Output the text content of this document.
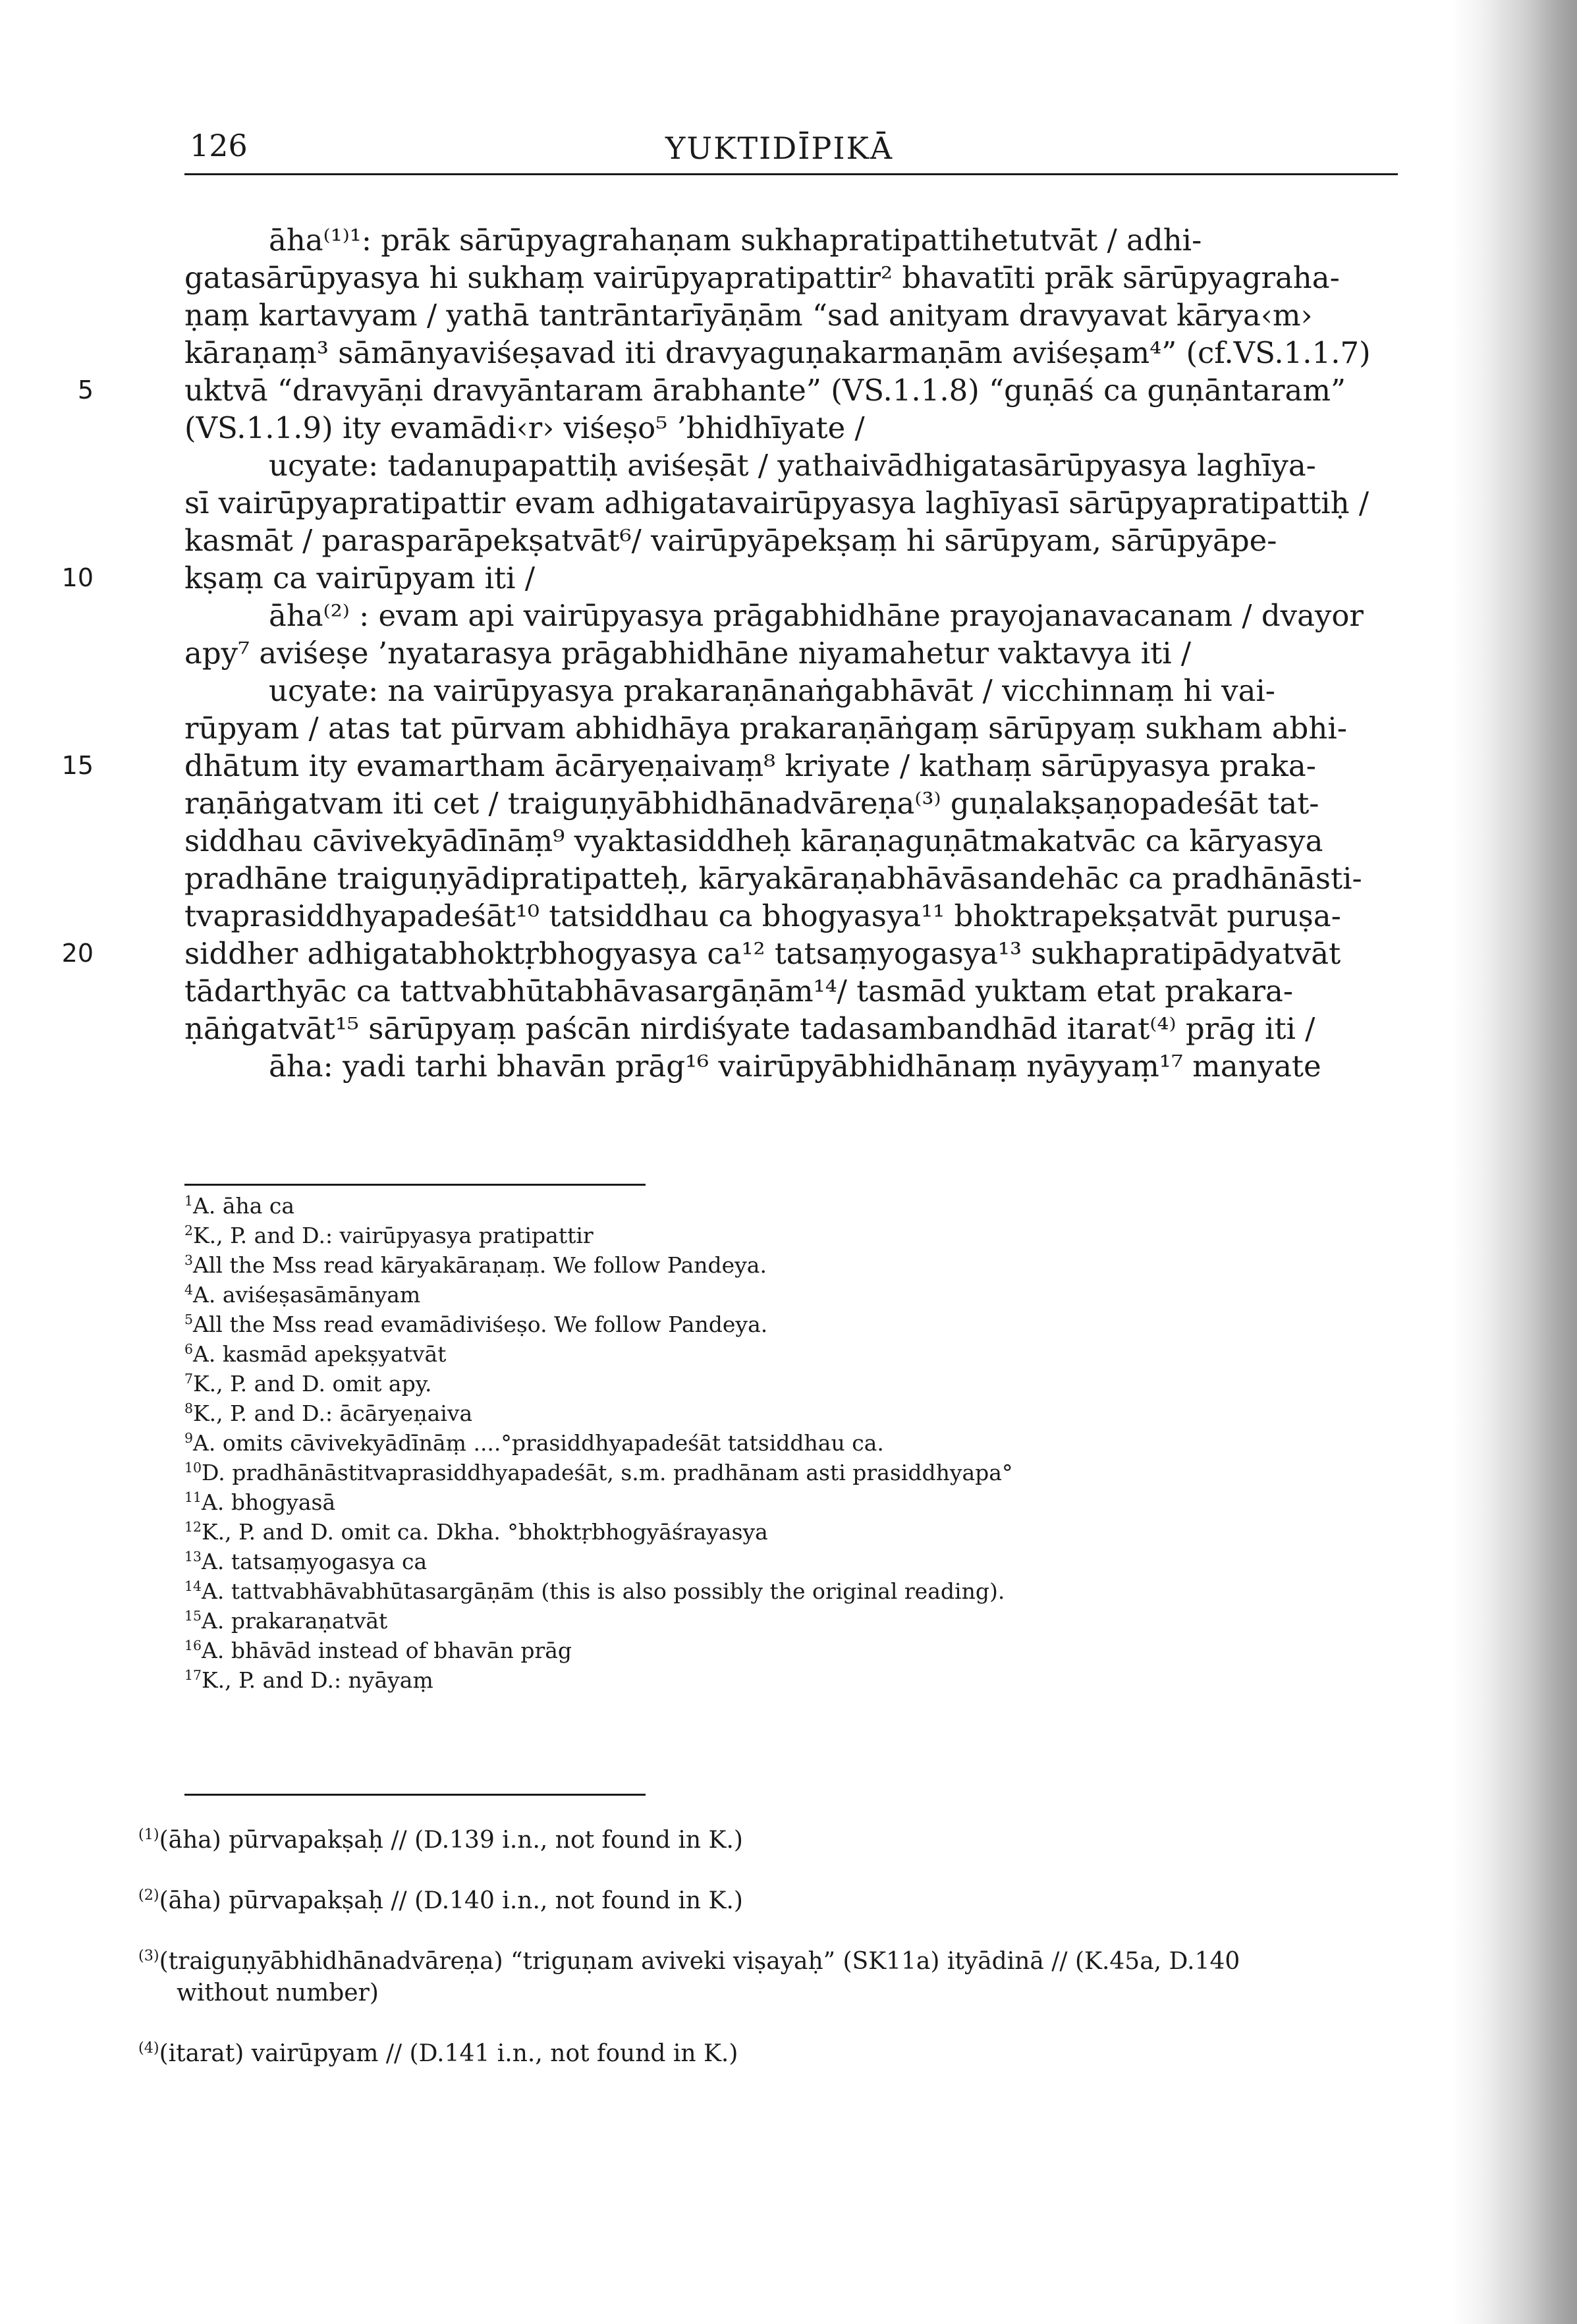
126	YUKTIDĪPIKĀ
āha⁽¹⁾¹: prāk sārūpyagrahaṇam sukhapratipattihetutvāt / adhi-
gatasārūpyasya hi sukhaṃ vairūpyapratipattir² bhavatīti prāk sārūpyagraha-
ṇaṃ kartavyam / yathā tantrāntarīyāṇām “sad anityam dravyavat kārya‹m›
kāraṇaṃ³ sāmānyaviśeṣavad iti dravyaguṇakarmaṇām aviśeṣam⁴” (cf.VS.1.1.7)
5	uktvā “dravyāṇi dravyāntaram ārabhante” (VS.1.1.8) “guṇāś ca guṇāntaram”
(VS.1.1.9) ity evamādi‹r› viśeṣo⁵ ’bhidhīyate /
ucyate: tadanupapattiḥ aviśeṣāt / yathaivādhigatasārūpyasya laghīya-
sī vairūpyapratipattir evam adhigatavairūpyasya laghīyasī sārūpyapratipattiḥ /
kasmāt / parasparāpekṣatvāt⁶/ vairūpyāpekṣaṃ hi sārūpyam, sārūpyāpe-
10	kṣaṃ ca vairūpyam iti /
āha⁽²⁾ : evam api vairūpyasya prāgabhidhāne prayojanavacanam / dvayor
apy⁷ aviśeṣe ’nyatarasya prāgabhidhāne niyamahetur vaktavya iti /
ucyate: na vairūpyasya prakaraṇānaṅgabhāvāt / vicchinnaṃ hi vai-
rūpyam / atas tat pūrvam abhidhāya prakaraṇāṅgaṃ sārūpyaṃ sukham abhi-
15	dhātum ity evamartham ācāryeṇaivaṃ⁸ kriyate / kathaṃ sārūpyasya praka-
raṇāṅgatvam iti cet / traiguṇyābhidhānadvāreṇa⁽³⁾ guṇalakṣaṇopadeśāt tat-
siddhau cāvivekyādīnāṃ⁹ vyaktasiddheḥ kāraṇaguṇātmakatvāc ca kāryasya
pradhāne traiguṇyādipratipatteḥ, kāryakāraṇabhāvāsandehāc ca pradhānāsti-
tvaprasiddhyapadeśāt¹⁰ tatsiddhau ca bhogyasya¹¹ bhoktrapekṣatvāt puruṣa-
20	siddher adhigatabhoktṛbhogyasya ca¹² tatsaṃyogasya¹³ sukhapratipādyatvāt
tādarthyāc ca tattvabhūtabhāvasargāṇām¹⁴/ tasmād yuktam etat prakara-
ṇāṅgatvāt¹⁵ sārūpyaṃ paścān nirdiśyate tadasambandhād itarat⁽⁴⁾ prāg iti /
āha: yadi tarhi bhavān prāg¹⁶ vairūpyābhidhānaṃ nyāyyaṃ¹⁷ manyate
$^1$A. āha ca
$^2$K., P. and D.: vairūpyasya pratipattir
$^3$All the Mss read kāryakāraṇaṃ. We follow Pandeya.
$^4$A. aviśeṣasāmānyam
$^5$All the Mss read evamādiviśeṣo. We follow Pandeya.
$^6$A. kasmād apekṣyatvāt
$^7$K., P. and D. omit apy.
$^8$K., P. and D.: ācāryeṇaiva
$^9$A. omits cāvivekyādīnāṃ ....°prasiddhyapadeśāt tatsiddhau ca.
$^{10}$D. pradhānāstitvaprasiddhyapadeśāt, s.m. pradhānam asti prasiddhyapa°
$^{11}$A. bhogyasā
$^{12}$K., P. and D. omit ca. Dkha. °bhoktṛbhogyāśrayasya
$^{13}$A. tatsaṃyogasya ca
$^{14}$A. tattvabhāvabhūtasargāṇām (this is also possibly the original reading).
$^{15}$A. prakaraṇatvāt
$^{16}$A. bhāvād instead of bhavān prāg
$^{17}$K., P. and D.: nyāyaṃ
$^{(1)}$(āha) pūrvapakṣaḥ // (D.139 i.n., not found in K.)
$^{(2)}$(āha) pūrvapakṣaḥ // (D.140 i.n., not found in K.)
$^{(3)}$(traiguṇyābhidhānadvāreṇa) “triguṇam aviveki viṣayaḥ” (SK11a) ityādinā // (K.45a, D.140
without number)
$^{(4)}$(itarat) vairūpyam // (D.141 i.n., not found in K.)
